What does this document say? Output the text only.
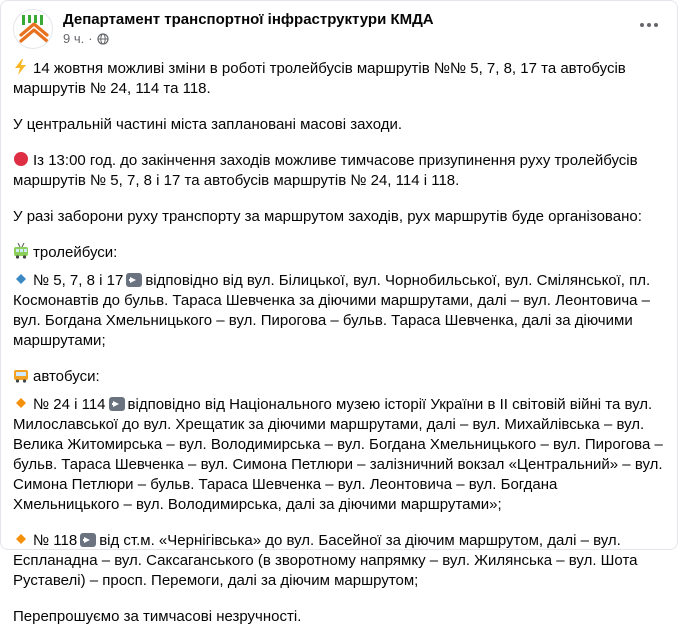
Департамент транспортної інфраструктури КМДА
9 ч. ·

14 жовтня можливі зміни в роботі тролейбусів маршрутів №№ 5, 7, 8, 17 та автобусів маршрутів № 24, 114 та 118.

У центральній частині міста заплановані масові заходи.

Із 13:00 год. до закінчення заходів можливе тимчасове призупинення руху тролейбусів маршрутів № 5, 7, 8 і 17 та автобусів маршрутів № 24, 114 і 118.

У разі заборони руху транспорту за маршрутом заходів, рух маршрутів буде організовано:

тролейбуси:

№ 5, 7, 8 і 17 відповідно від вул. Білицької, вул. Чорнобильської, вул. Смілянської, пл. Космонавтів до бульв. Тараса Шевченка за діючими маршрутами, далі – вул. Леонтовича – вул. Богдана Хмельницького – вул. Пирогова – бульв. Тараса Шевченка, далі за діючими маршрутами;

автобуси:

№ 24 і 114 відповідно від Національного музею історії України в ІІ світовій війні та вул. Милославської до вул. Хрещатик за діючими маршрутами, далі – вул. Михайлівська – вул. Велика Житомирська – вул. Володимирська – вул. Богдана Хмельницького – вул. Пирогова – бульв. Тараса Шевченка – вул. Симона Петлюри – залізничний вокзал «Центральний» – вул. Симона Петлюри – бульв. Тараса Шевченка – вул. Леонтовича – вул. Богдана Хмельницького – вул. Володимирська, далі за діючими маршрутами»;

№ 118 від ст.м. «Чернігівська» до вул. Басейної за діючим маршрутом, далі – вул. Еспланадна – вул. Саксаганського (в зворотному напрямку – вул. Жилянська – вул. Шота Руставелі) – просп. Перемоги, далі за діючим маршрутом;

Перепрошуємо за тимчасові незручності.
